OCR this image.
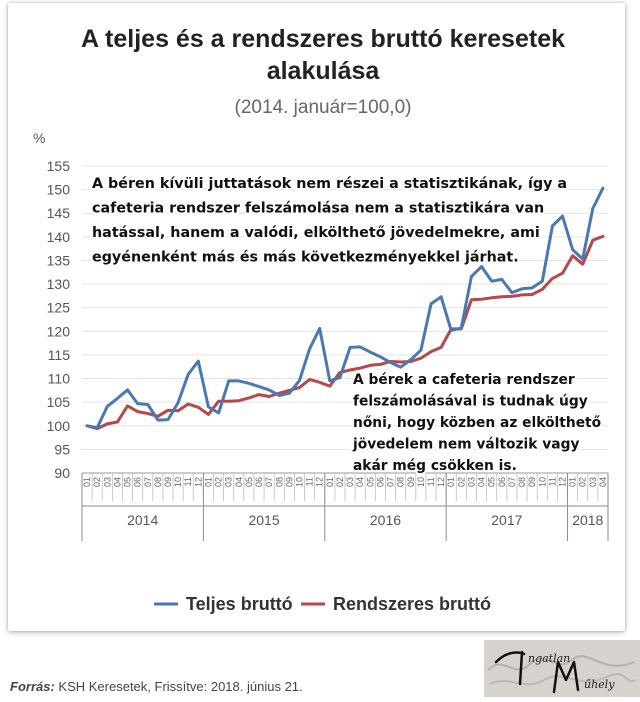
A teljes és a rendszeres bruttó keresetek
alakulása
(2014. január=100,0)
%
01 02 03 04 05 06 07 08 09 10 11 12
2014
01 02 03 04 05 06 07 08 09 10 11 12
2015
01 02 03 04 05 06 07 08 09 10 11 12
2016
01 02 03 04 05 06 07 08 09 10 11 12
2017
01 02 03 04
2018
90
95
100
105
110
115
120
125
130
135
140
145
150
155
A béren kívüli juttatások nem részei a statisztikának, így a
cafeteria rendszer felszámolása nem a statisztikára van
hatással, hanem a valódi, elkölthető jövedelmekre, ami
egyénenként más és más következményekkel járhat.
A bérek a cafeteria rendszer
felszámolásával is tudnak úgy
nőni, hogy közben az elkölthető
jövedelem nem változik vagy
akár még csökken is.
Teljes bruttó Rendszeres bruttó
Forrás: KSH Keresetek, Frissítve: 2018. június 21.
ngatlan
űhely
